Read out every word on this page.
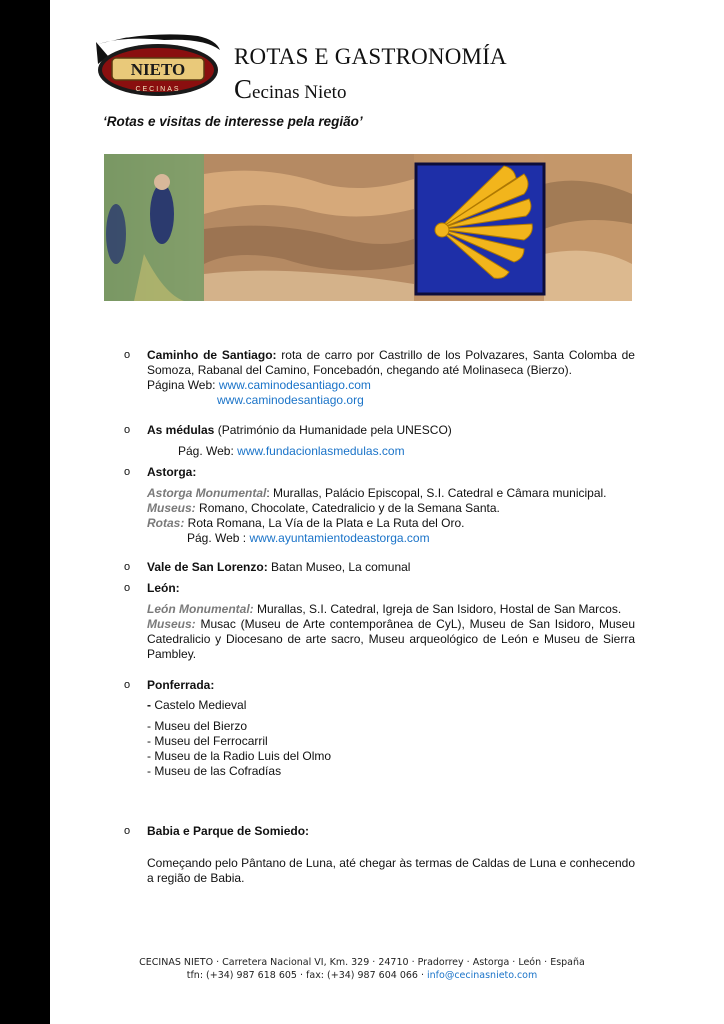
NIETO
CECINAS
ROTAS E GASTRONOMÍA
Cecinas Nieto
‘Rotas e visitas de interesse pela região’
o Caminho de Santiago: rota de carro por Castrillo de los Polvazares, Santa Colomba de Somoza, Rabanal del Camino, Foncebadón, chegando até Molinaseca (Bierzo).
Página Web: www.caminodesantiago.com
www.caminodesantiago.org
o As médulas (Património da Humanidade pela UNESCO)
Pág. Web: www.fundacionlasmedulas.com
o Astorga:
Astorga Monumental: Murallas, Palácio Episcopal, S.I. Catedral e Câmara municipal.
Museus: Romano, Chocolate, Catedralicio y de la Semana Santa.
Rotas: Rota Romana, La Vía de la Plata e La Ruta del Oro.
Pág. Web : www.ayuntamientodeastorga.com
o Vale de San Lorenzo: Batan Museo, La comunal
o León:
León Monumental: Murallas, S.I. Catedral, Igreja de San Isidoro, Hostal de San Marcos.
Museus: Musac (Museu de Arte contemporânea de CyL), Museu de San Isidoro, Museu Catedralicio y Diocesano de arte sacro, Museu arqueológico de León e Museu de Sierra Pambley.
o Ponferrada:
- Castelo Medieval
- Museu del Bierzo
- Museu del Ferrocarril
- Museu de la Radio Luis del Olmo
- Museu de las Cofradías
o Babia e Parque de Somiedo:
Começando pelo Pântano de Luna, até chegar às termas de Caldas de Luna e conhecendo a região de Babia.
CECINAS NIETO · Carretera Nacional VI, Km. 329 · 24710 · Pradorrey · Astorga · León · España
tfn: (+34) 987 618 605 · fax: (+34) 987 604 066 · info@cecinasnieto.com
